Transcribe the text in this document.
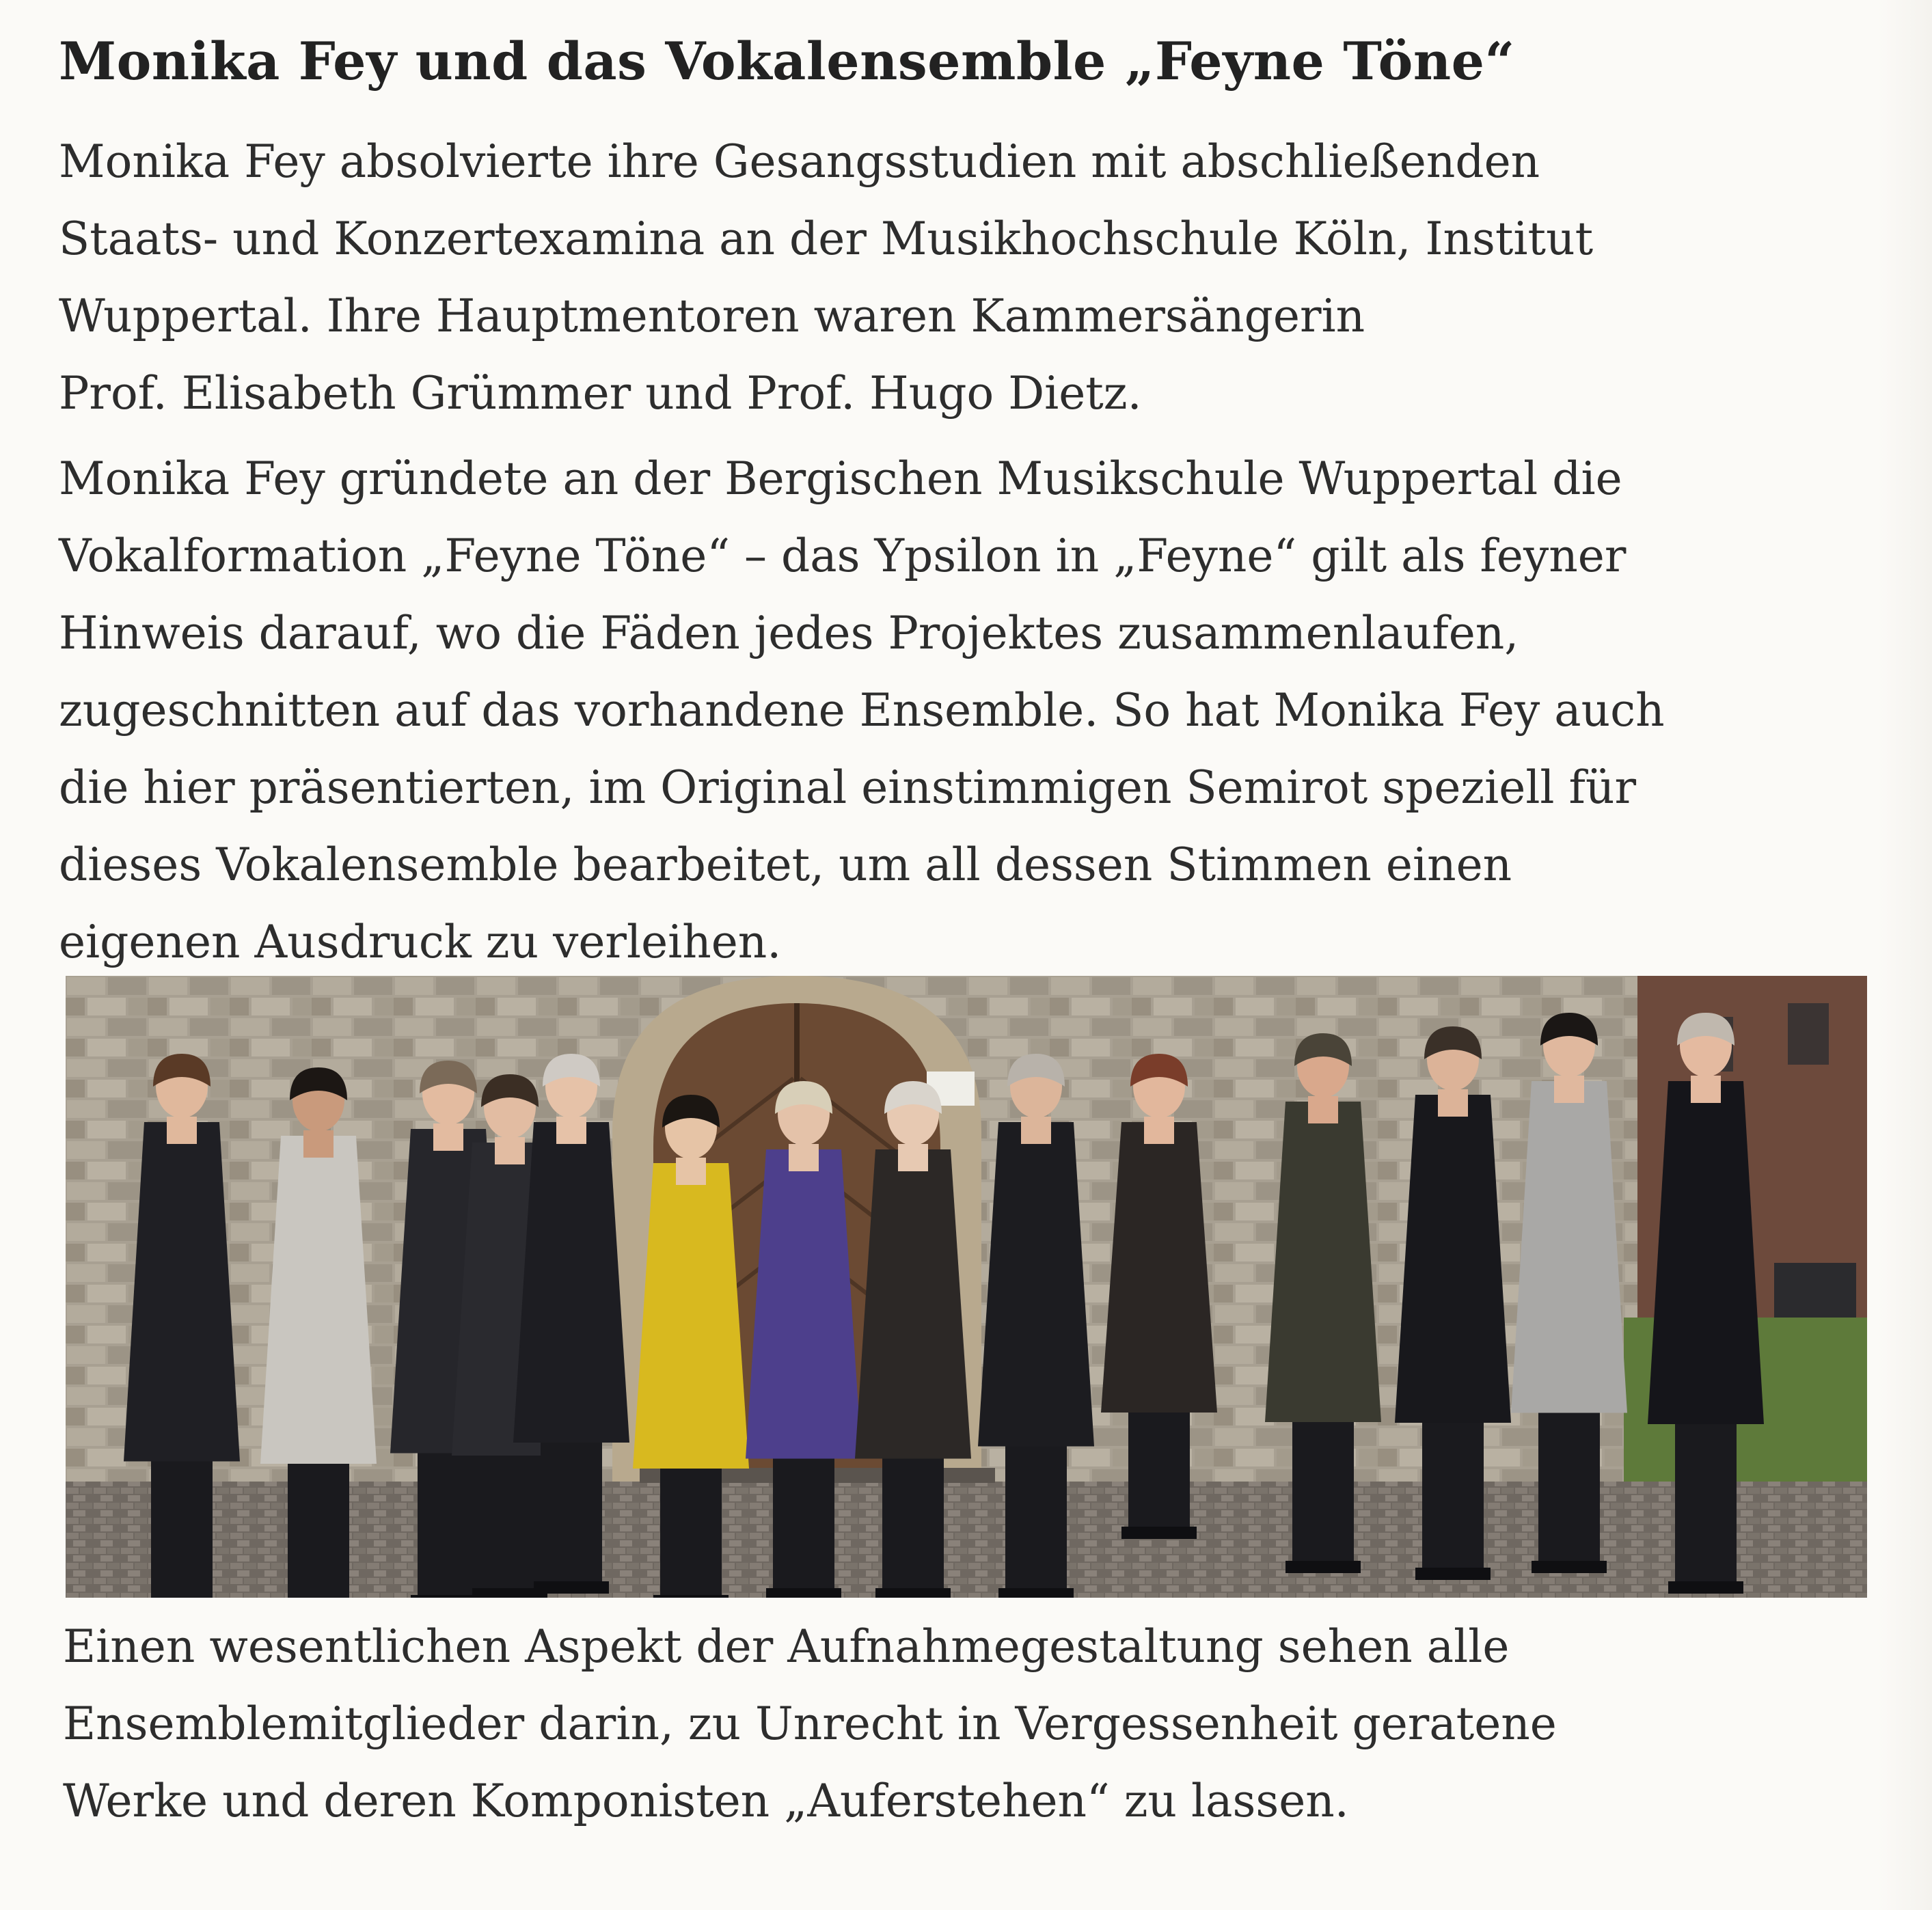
Monika Fey und das Vokalensemble „Feyne Töne“

Monika Fey absolvierte ihre Gesangsstudien mit abschließenden
Staats- und Konzertexamina an der Musikhochschule Köln, Institut
Wuppertal. Ihre Hauptmentoren waren Kammersängerin
Prof. Elisabeth Grümmer und Prof. Hugo Dietz.

Monika Fey gründete an der Bergischen Musikschule Wuppertal die
Vokalformation „Feyne Töne“ – das Ypsilon in „Feyne“ gilt als feyner
Hinweis darauf, wo die Fäden jedes Projektes zusammenlaufen,
zugeschnitten auf das vorhandene Ensemble. So hat Monika Fey auch
die hier präsentierten, im Original einstimmigen Semirot speziell für
dieses Vokalensemble bearbeitet, um all dessen Stimmen einen
eigenen Ausdruck zu verleihen.

Einen wesentlichen Aspekt der Aufnahmegestaltung sehen alle
Ensemblemitglieder darin, zu Unrecht in Vergessenheit geratene
Werke und deren Komponisten „Auferstehen“ zu lassen.
